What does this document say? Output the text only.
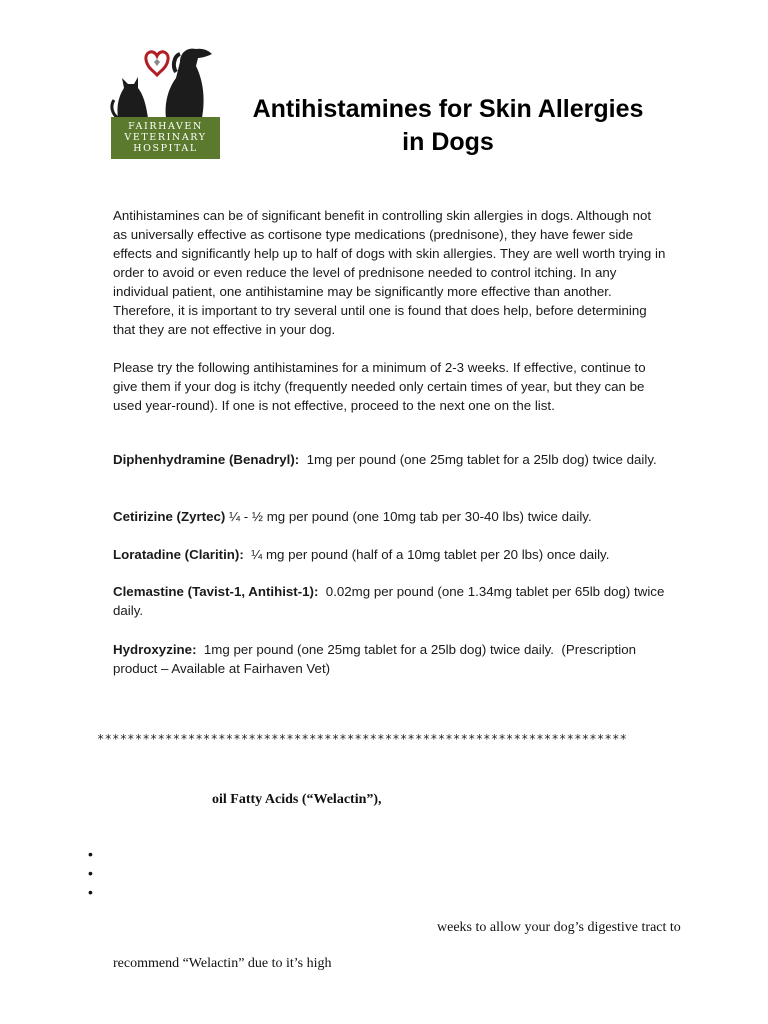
FAIRHAVEN
VETERINARY
HOSPITAL
Antihistamines for Skin Allergies
in Dogs
Antihistamines can be of significant benefit in controlling skin allergies in dogs. Although not as universally effective as cortisone type medications (prednisone), they have fewer side effects and significantly help up to half of dogs with skin allergies. They are well worth trying in order to avoid or even reduce the level of prednisone needed to control itching. In any individual patient, one antihistamine may be significantly more effective than another. Therefore, it is important to try several until one is found that does help, before determining that they are not effective in your dog.
Please try the following antihistamines for a minimum of 2-3 weeks. If effective, continue to give them if your dog is itchy (frequently needed only certain times of year, but they can be used year-round). If one is not effective, proceed to the next one on the list.
Diphenhydramine (Benadryl):  1mg per pound (one 25mg tablet for a 25lb dog) twice daily.
Cetirizine (Zyrtec) ¼ - ½ mg per pound (one 10mg tab per 30-40 lbs) twice daily.
Loratadine (Claritin):  ¼ mg per pound (half of a 10mg tablet per 20 lbs) once daily.
Clemastine (Tavist-1, Antihist-1):  0.02mg per pound (one 1.34mg tablet per 65lb dog) twice daily.
Hydroxyzine:  1mg per pound (one 25mg tablet for a 25lb dog) twice daily.  (Prescription product – Available at Fairhaven Vet)
**********************************************************************
oil Fatty Acids (“Welactin”),
•
•
•
weeks to allow your dog’s digestive tract to
recommend “Welactin” due to it’s high
